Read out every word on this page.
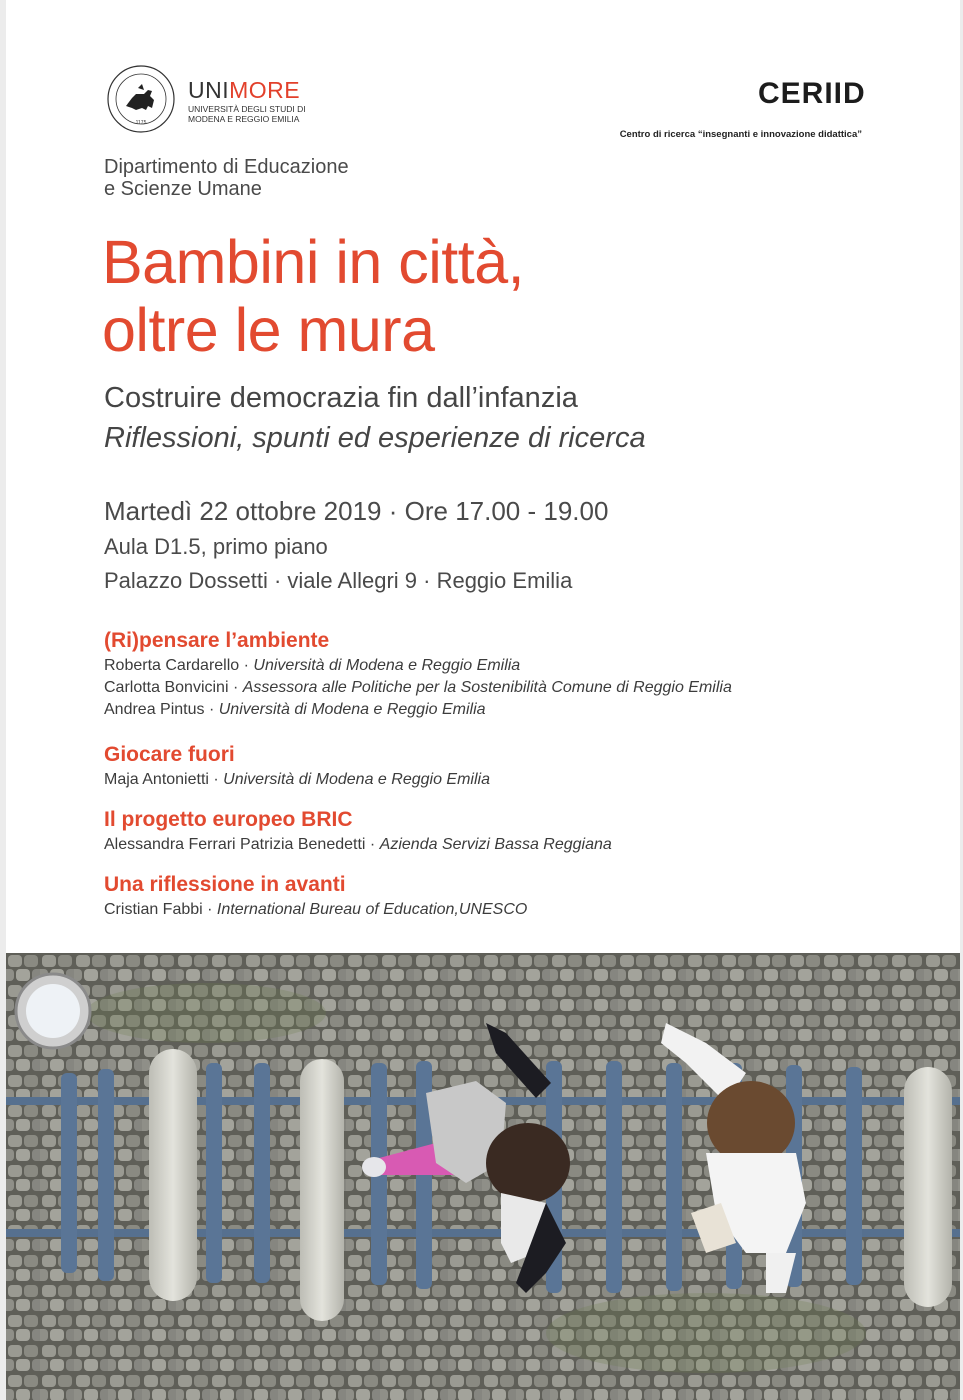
1175
UNIMORE
UNIVERSITÀ DEGLI STUDI DI
MODENA E REGGIO EMILIA
CERIID
Centro di ricerca “insegnanti e innovazione didattica”
Dipartimento di Educazione
e Scienze Umane
Bambini in città,
oltre le mura
Costruire democrazia fin dall’infanzia
Riflessioni, spunti ed esperienze di ricerca
Martedì 22 ottobre 2019 · Ore 17.00 - 19.00
Aula D1.5, primo piano
Palazzo Dossetti · viale Allegri 9 · Reggio Emilia
(Ri)pensare l’ambiente
Roberta Cardarello · Università di Modena e Reggio Emilia
Carlotta Bonvicini · Assessora alle Politiche per la Sostenibilità Comune di Reggio Emilia
Andrea Pintus · Università di Modena e Reggio Emilia
Giocare fuori
Maja Antonietti · Università di Modena e Reggio Emilia
Il progetto europeo BRIC
Alessandra Ferrari Patrizia Benedetti · Azienda Servizi Bassa Reggiana
Una riflessione in avanti
Cristian Fabbi · International Bureau of Education,UNESCO
